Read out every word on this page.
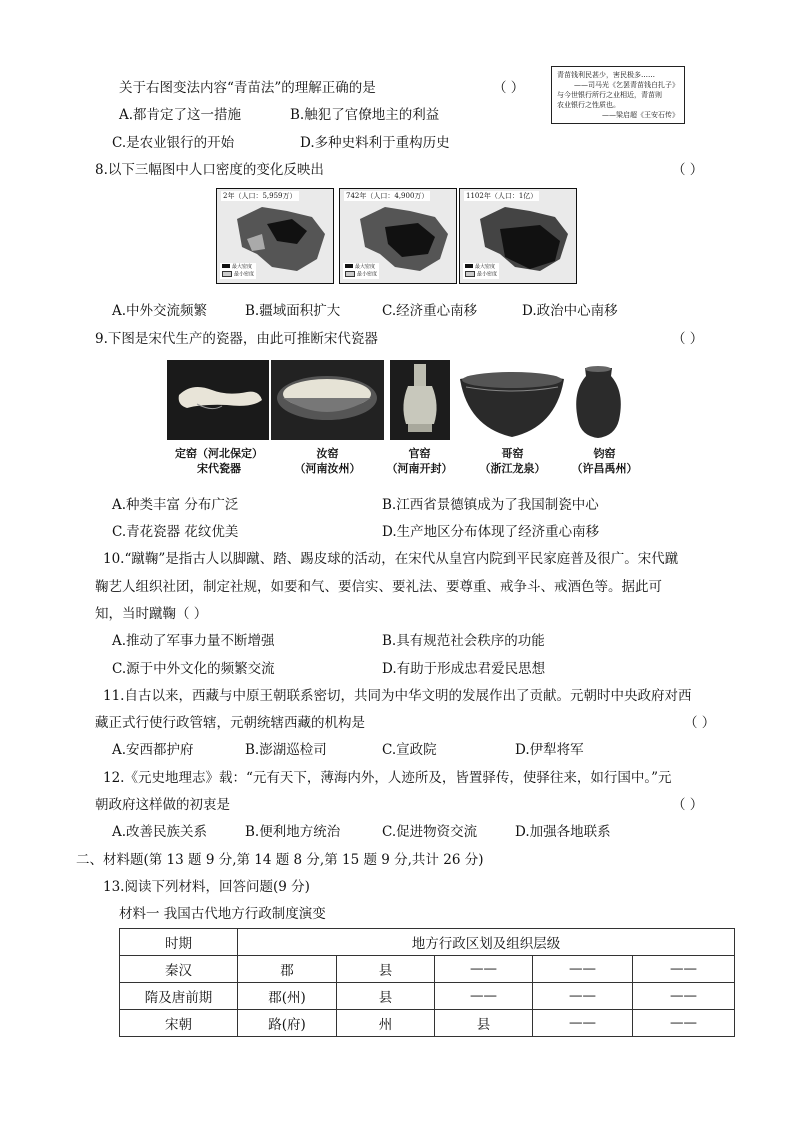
关于右图变法内容“青苗法”的理解正确的是	（ ）
青苗钱利民甚少，害民极多……
——司马光《乞罢青苗钱白扎子》
与今世银行所行之业相近，青苗则
农业银行之性质也。
——梁启超《王安石传》
A.都肯定了这一措施	B.触犯了官僚地主的利益
C.是农业银行的开始	D.多种史料利于重构历史
8.以下三幅图中人口密度的变化反映出	（ ）
2年（人口：5,959万）
最大密度
最小密度
742年（人口：4,900万）
最大密度
最小密度
1102年（人口：1亿）
最大密度
最小密度
A.中外交流频繁	B.疆域面积扩大	C.经济重心南移	D.政治中心南移
9.下图是宋代生产的瓷器，由此可推断宋代瓷器	（ ）
定窑（河北保定）
宋代瓷器
汝窑
（河南汝州）
官窑
（河南开封）
哥窑
（浙江龙泉）
钧窑
（许昌禹州）
A.种类丰富 分布广泛	B.江西省景德镇成为了我国制瓷中心
C.青花瓷器 花纹优美	D.生产地区分布体现了经济重心南移
10.“蹴鞠”是指古人以脚蹴、踏、踢皮球的活动，在宋代从皇宫内院到平民家庭普及很广。宋代蹴
鞠艺人组织社团，制定社规，如要和气、要信实、要礼法、要尊重、戒争斗、戒酒色等。据此可
知，当时蹴鞠（ ）
A.推动了军事力量不断增强	B.具有规范社会秩序的功能
C.源于中外文化的频繁交流	D.有助于形成忠君爱民思想
11.自古以来，西藏与中原王朝联系密切，共同为中华文明的发展作出了贡献。元朝时中央政府对西
藏正式行使行政管辖，元朝统辖西藏的机构是	（ ）
A.安西都护府	B.澎湖巡检司	C.宣政院	D.伊犁将军
12.《元史地理志》载：“元有天下，薄海内外，人迹所及，皆置驿传，使驿往来，如行国中。”元
朝政府这样做的初衷是	（ ）
A.改善民族关系	B.便利地方统治	C.促进物资交流	D.加强各地联系
二、材料题(第 13 题 9 分,第 14 题 8 分,第 15 题 9 分,共计 26 分)
13.阅读下列材料，回答问题(9 分)
材料一 我国古代地方行政制度演变
时期	地方行政区划及组织层级				
秦汉	郡	县	——	——	——
隋及唐前期	郡(州)	县	——	——	——
宋朝	路(府)	州	县	——	——
